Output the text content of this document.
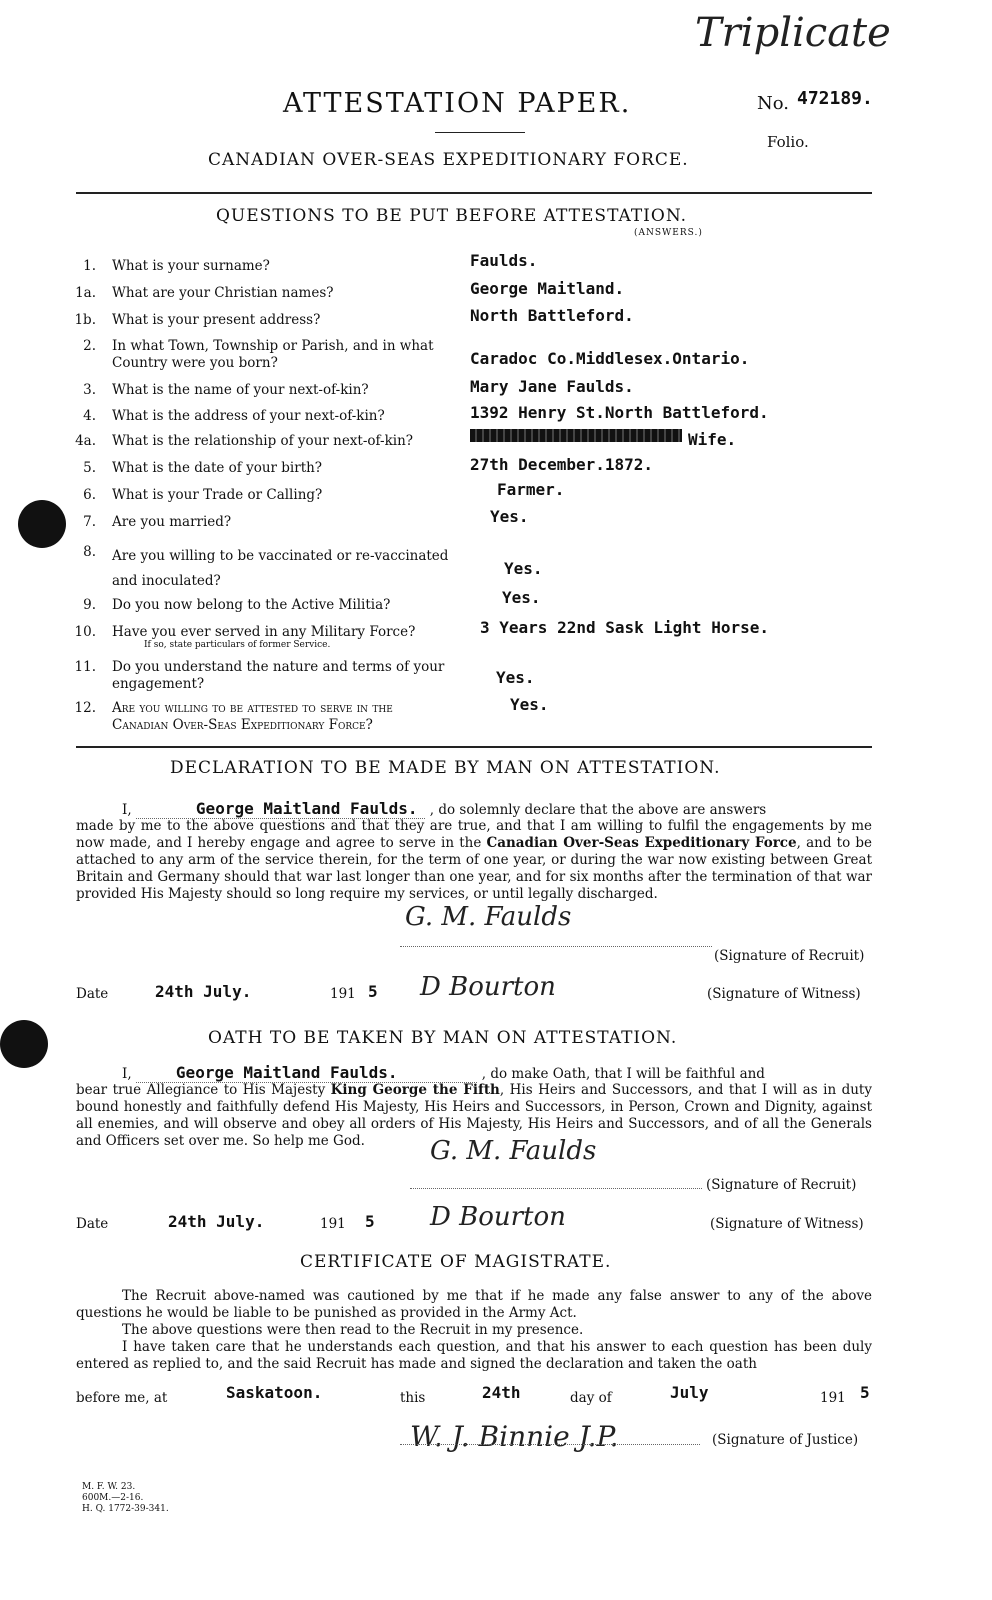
Triplicate
ATTESTATION PAPER.	No. 472189.
Folio.
CANADIAN OVER-SEAS EXPEDITIONARY FORCE.
QUESTIONS TO BE PUT BEFORE ATTESTATION.
(ANSWERS.)
1. What is your surname?	Faulds.
1a. What are your Christian names?	George Maitland.
1b. What is your present address?	North Battleford.
2. In what Town, Township or Parish, and in what Country were you born?	Caradoc Co.Middlesex.Ontario.
3. What is the name of your next-of-kin?	Mary Jane Faulds.
4. What is the address of your next-of-kin?	1392 Henry St.North Battleford.
4a. What is the relationship of your next-of-kin?	Wife.
5. What is the date of your birth?	27th December.1872.
6. What is your Trade or Calling?	Farmer.
7. Are you married?	Yes.
8. Are you willing to be vaccinated or re-vaccinated and inoculated?
Yes.
9. Do you now belong to the Active Militia?	Yes.
10. Have you ever served in any Military Force?
If so, state particulars of former Service.
3 Years 22nd Sask Light Horse.
11. Do you understand the nature and terms of your engagement?	Yes.
12. Are you willing to be attested to serve in the Canadian Over-Seas Expeditionary Force?
Yes.
DECLARATION TO BE MADE BY MAN ON ATTESTATION.
I,	George Maitland Faulds. , do solemnly declare that the above are answers
made by me to the above questions and that they are true, and that I am willing to fulfil the engagements by me now made, and I hereby engage and agree to serve in the Canadian Over-Seas Expeditionary Force, and to be attached to any arm of the service therein, for the term of one year, or during the war now existing between Great Britain and Germany should that war last longer than one year, and for six months after the termination of that war provided His Majesty should so long require my services, or until legally discharged.
G. M. Faulds
(Signature of Recruit)
Date	24th July.	191 5 D Bourton	(Signature of Witness)
OATH TO BE TAKEN BY MAN ON ATTESTATION.
I,	George Maitland Faulds.	, do make Oath, that I will be faithful and
bear true Allegiance to His Majesty King George the Fifth, His Heirs and Successors, and that I will as in duty bound honestly and faithfully defend His Majesty, His Heirs and Successors, in Person, Crown and Dignity, against all enemies, and will observe and obey all orders of His Majesty, His Heirs and Successors, and of all the Generals and Officers set over me. So help me God.	G. M. Faulds
(Signature of Recruit)
Date	24th July.	191 5 D Bourton	(Signature of Witness)
CERTIFICATE OF MAGISTRATE.
The Recruit above-named was cautioned by me that if he made any false answer to any of the above questions he would be liable to be punished as provided in the Army Act.
The above questions were then read to the Recruit in my presence.
I have taken care that he understands each question, and that his answer to each question has been duly entered as replied to, and the said Recruit has made and signed the declaration and taken the oath
before me, at	Saskatoon.	this	24th	day of	July	191 5
W. J. Binnie J.P.	(Signature of Justice)
M. F. W. 23.
600M.—2-16.
H. Q. 1772-39-341.
